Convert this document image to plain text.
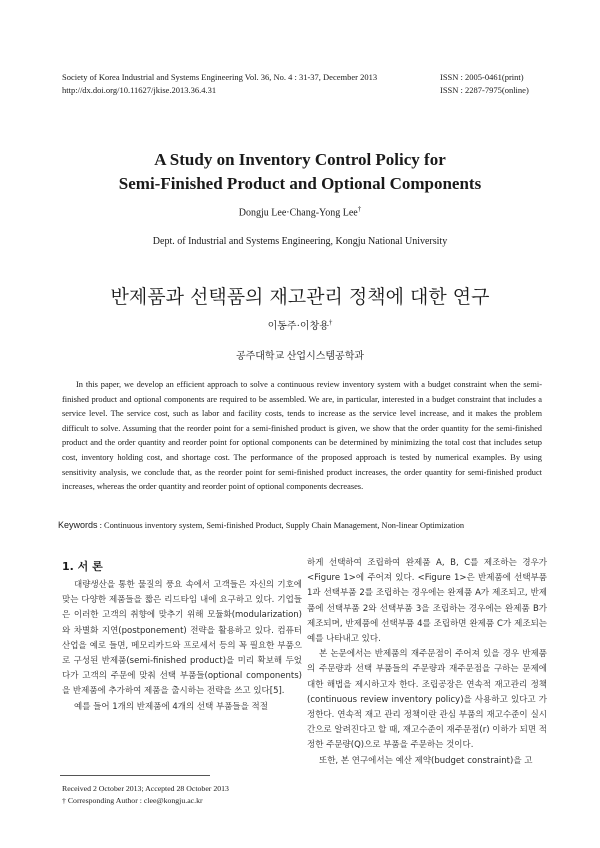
Society of Korea Industrial and Systems Engineering Vol. 36, No. 4 : 31-37, December 2013
http://dx.doi.org/10.11627/jkise.2013.36.4.31
ISSN : 2005-0461(print)
ISSN : 2287-7975(online)
A Study on Inventory Control Policy for
Semi-Finished Product and Optional Components
Dongju Lee·Chang-Yong Lee†
Dept. of Industrial and Systems Engineering, Kongju National University
반제품과 선택품의 재고관리 정책에 대한 연구
이동주·이창용†
공주대학교 산업시스템공학과
In this paper, we develop an efficient approach to solve a continuous review inventory system with a budget constraint when the semi-finished product and optional components are required to be assembled. We are, in particular, interested in a budget constraint that includes a service level. The service cost, such as labor and facility costs, tends to increase as the service level increase, and it makes the problem difficult to solve. Assuming that the reorder point for a semi-finished product is given, we show that the order quantity for the semi-finished product and the order quantity and reorder point for optional components can be determined by minimizing the total cost that includes setup cost, inventory holding cost, and shortage cost. The performance of the proposed approach is tested by numerical examples. By using sensitivity analysis, we conclude that, as the reorder point for semi-finished product increases, the order quantity for semi-finished product increases, whereas the order quantity and reorder point of optional components decreases.
Keywords : Continuous inventory system, Semi-finished Product, Supply Chain Management, Non-linear Optimization
1. 서 론

대량생산을 통한 물질의 풍요 속에서 고객들은 자신의 기호에 맞는 다양한 제품들을 짧은 리드타임 내에 요구하고 있다. 기업들은 이러한 고객의 취향에 맞추기 위해 모듈화(modularization)와 차별화 지연(postponement) 전략을 활용하고 있다. 컴퓨터 산업을 예로 들면, 메모리카드와 프로세서 등의 꼭 필요한 부품으로 구성된 반제품(semi-finished product)을 미리 확보해 두었다가 고객의 주문에 맞춰 선택 부품들(optional components)을 반제품에 추가하여 제품을 출시하는 전략을 쓰고 있다[5].

예를 들어 1개의 반제품에 4개의 선택 부품들을 적절

Received 2 October 2013; Accepted 28 October 2013
† Corresponding Author : clee@kongju.ac.kr

하게 선택하여 조립하여 완제품 A, B, C를 제조하는 경우가 <Figure 1>에 주어져 있다. <Figure 1>은 반제품에 선택부품 1과 선택부품 2를 조립하는 경우에는 완제품 A가 제조되고, 반제품에 선택부품 2와 선택부품 3을 조립하는 경우에는 완제품 B가 제조되며, 반제품에 선택부품 4를 조립하면 완제품 C가 제조되는 예를 나타내고 있다.

본 논문에서는 반제품의 재주문점이 주어져 있을 경우 반제품의 주문량과 선택 부품들의 주문량과 재주문점을 구하는 문제에 대한 해법을 제시하고자 한다. 조립공장은 연속적 재고관리 정책(continuous review inventory policy)을 사용하고 있다고 가정한다. 연속적 재고 관리 정책이란 관심 부품의 재고수준이 실시간으로 알려진다고 할 때, 재고수준이 재주문점(r) 이하가 되면 적정한 주문량(Q)으로 부품을 주문하는 것이다.

또한, 본 연구에서는 예산 제약(budget constraint)을 고
